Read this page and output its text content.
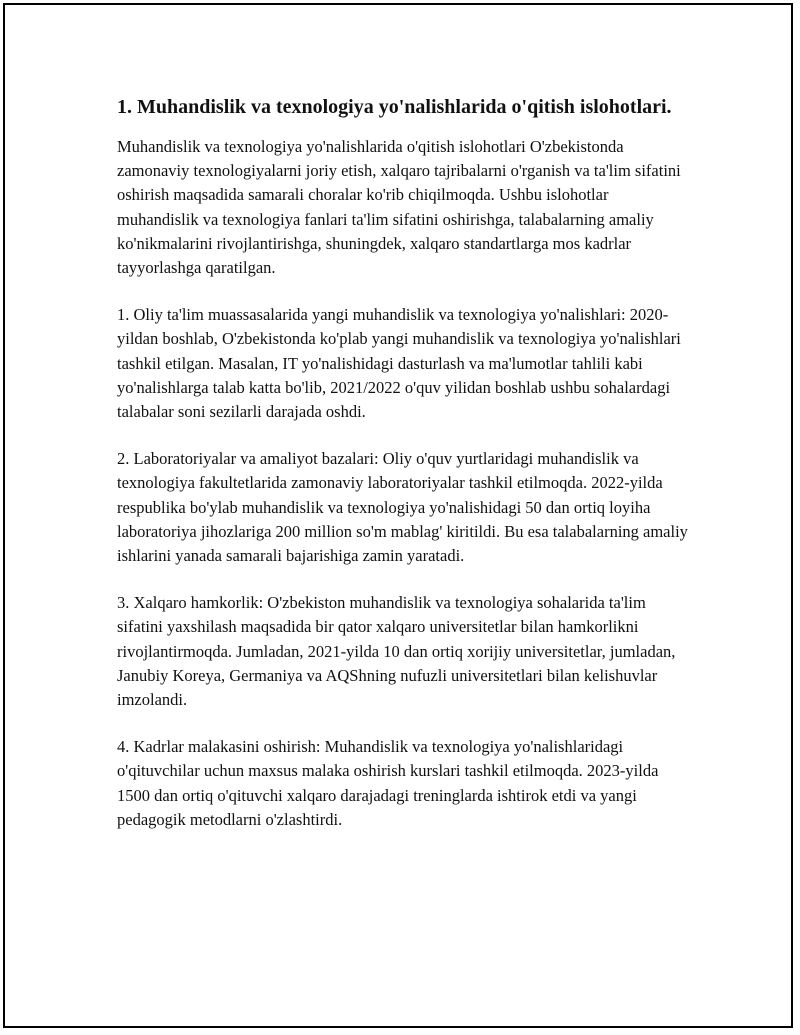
1. Muhandislik va texnologiya yo'nalishlarida o'qitish islohotlari.

Muhandislik va texnologiya yo'nalishlarida o'qitish islohotlari O'zbekistonda zamonaviy texnologiyalarni joriy etish, xalqaro tajribalarni o'rganish va ta'lim sifatini oshirish maqsadida samarali choralar ko'rib chiqilmoqda. Ushbu islohotlar muhandislik va texnologiya fanlari ta'lim sifatini oshirishga, talabalarning amaliy ko'nikmalarini rivojlantirishga, shuningdek, xalqaro standartlarga mos kadrlar tayyorlashga qaratilgan.

1. Oliy ta'lim muassasalarida yangi muhandislik va texnologiya yo'nalishlari: 2020-yildan boshlab, O'zbekistonda ko'plab yangi muhandislik va texnologiya yo'nalishlari tashkil etilgan. Masalan, IT yo'nalishidagi dasturlash va ma'lumotlar tahlili kabi yo'nalishlarga talab katta bo'lib, 2021/2022 o'quv yilidan boshlab ushbu sohalardagi talabalar soni sezilarli darajada oshdi.

2. Laboratoriyalar va amaliyot bazalari: Oliy o'quv yurtlaridagi muhandislik va texnologiya fakultetlarida zamonaviy laboratoriyalar tashkil etilmoqda. 2022-yilda respublika bo'ylab muhandislik va texnologiya yo'nalishidagi 50 dan ortiq loyiha laboratoriya jihozlariga 200 million so'm mablag' kiritildi. Bu esa talabalarning amaliy ishlarini yanada samarali bajarishiga zamin yaratadi.

3. Xalqaro hamkorlik: O'zbekiston muhandislik va texnologiya sohalarida ta'lim sifatini yaxshilash maqsadida bir qator xalqaro universitetlar bilan hamkorlikni rivojlantirmoqda. Jumladan, 2021-yilda 10 dan ortiq xorijiy universitetlar, jumladan, Janubiy Koreya, Germaniya va AQShning nufuzli universitetlari bilan kelishuvlar imzolandi.

4. Kadrlar malakasini oshirish: Muhandislik va texnologiya yo'nalishlaridagi o'qituvchilar uchun maxsus malaka oshirish kurslari tashkil etilmoqda. 2023-yilda 1500 dan ortiq o'qituvchi xalqaro darajadagi treninglarda ishtirok etdi va yangi pedagogik metodlarni o'zlashtirdi.
